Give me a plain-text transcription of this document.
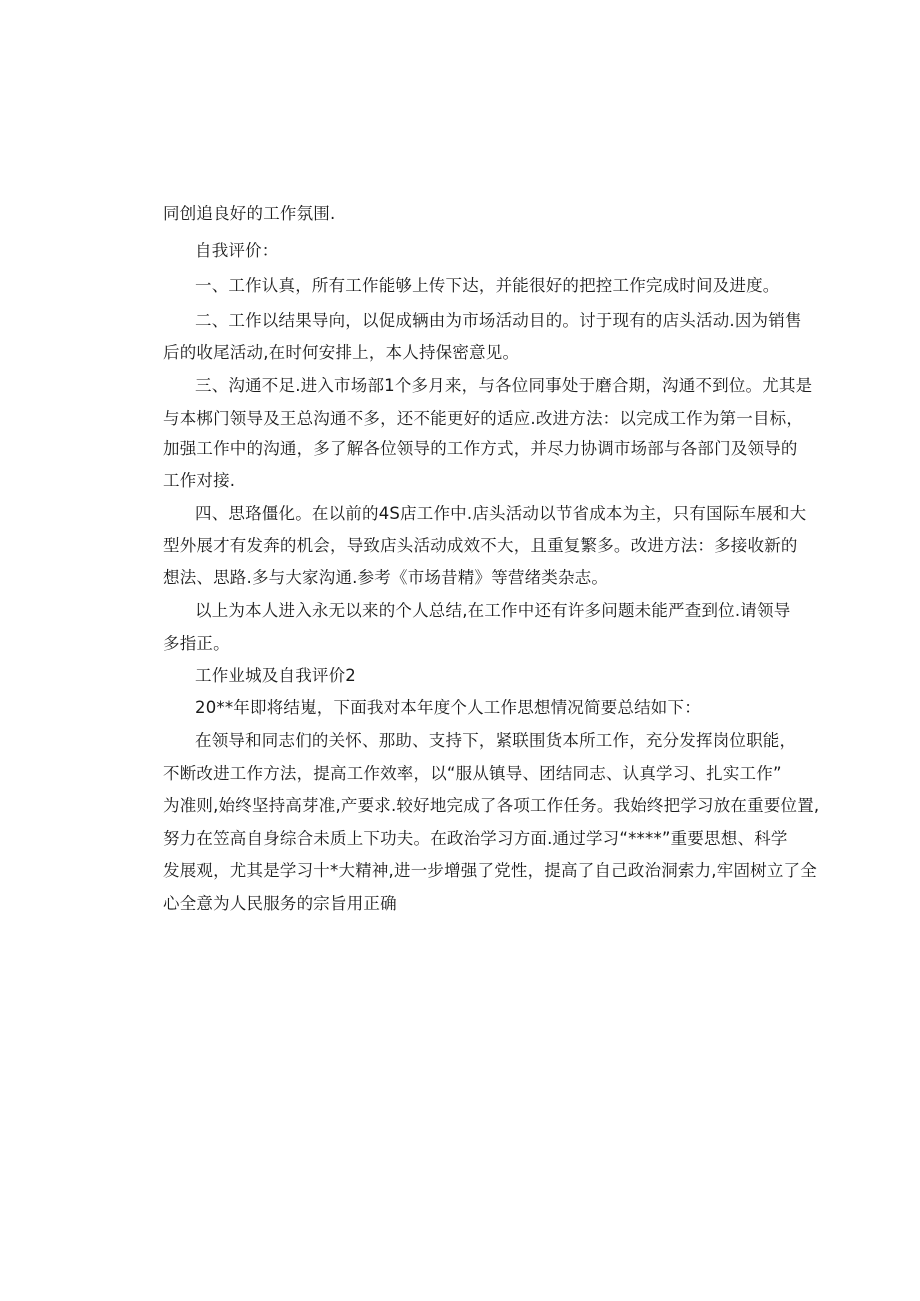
同创追良好的工作氛围.
自我评价：
一、工作认真，所有工作能够上传下达，并能很好的把控工作完成时间及进度。
二、工作以结果导向，以促成辆由为市场活动目的。讨于现有的店头活动.因为销售
后的收尾活动,在时何安排上，本人持保密意见。
三、沟通不足.进入市场部1个多月来，与各位同事处于磨合期，沟通不到位。尤其是
与本梆门领导及王总沟通不多，还不能更好的适应.改进方法：以完成工作为第一目标，
加强工作中的沟通，多了解各位领导的工作方式，并尽力协调市场部与各部门及领导的
工作对接.
四、思珞僵化。在以前的4S店工作中.店头活动以节省成本为主，只有国际车展和大
型外展才有发奔的机会，导致店头活动成效不大，且重复繁多。改进方法：多接收新的
想法、思路.多与大家沟通.参考《市场昔精》等营绪类杂志。
以上为本人进入永无以来的个人总结,在工作中还有许多问题未能严查到位.请领导
多指正。
工作业城及自我评价2
20**年即将结嵬，下面我对本年度个人工作思想情况简要总结如下：
在领导和同志们的关怀、那助、支持下，紧联围货本所工作，充分发挥岗位职能，
不断改进工作方法，提高工作效率，以“服从镇导、团结同志、认真学习、扎实工作”
为准则,始终坚持高芽准,产要求.较好地完成了各项工作任务。我始终把学习放在重要位置,
努力在笠高自身综合未质上下功夫。在政治学习方面.通过学习“****”重要思想、科学
发展观，尤其是学习十*大精神,进一步增强了党性，提高了自己政治洞索力,牢固树立了全
心全意为人民服务的宗旨用正确
